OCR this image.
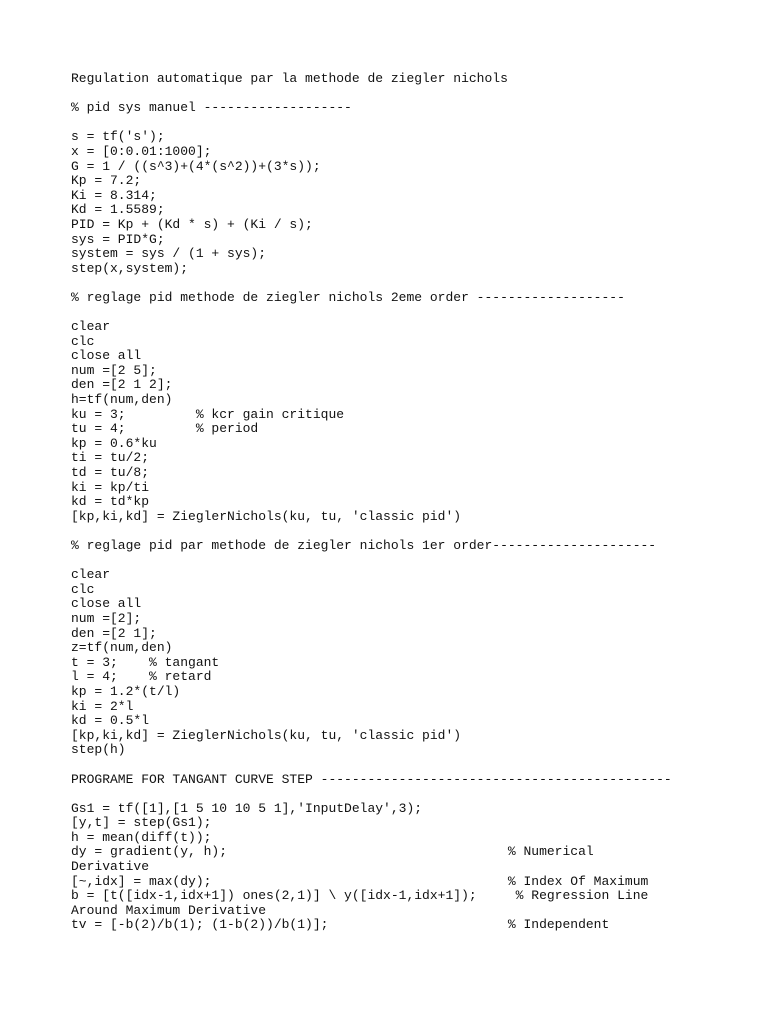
Regulation automatique par la methode de ziegler nichols
% pid sys manuel -------------------
s = tf('s');
x = [0:0.01:1000];
G = 1 / ((s^3)+(4*(s^2))+(3*s));
Kp = 7.2;
Ki = 8.314;
Kd = 1.5589;
PID = Kp + (Kd * s) + (Ki / s);
sys = PID*G;
system = sys / (1 + sys);
step(x,system);
% reglage pid methode de ziegler nichols 2eme order -------------------
clear
clc
close all
num =[2 5];
den =[2 1 2];
h=tf(num,den)
ku = 3;         % kcr gain critique
tu = 4;         % period
kp = 0.6*ku
ti = tu/2;
td = tu/8;
ki = kp/ti
kd = td*kp
[kp,ki,kd] = ZieglerNichols(ku, tu, 'classic pid')
% reglage pid par methode de ziegler nichols 1er order---------------------
clear
clc
close all
num =[2];
den =[2 1];
z=tf(num,den)
t = 3;    % tangant
l = 4;    % retard
kp = 1.2*(t/l)
ki = 2*l
kd = 0.5*l
[kp,ki,kd] = ZieglerNichols(ku, tu, 'classic pid')
step(h)
PROGRAME FOR TANGANT CURVE STEP ---------------------------------------------
Gs1 = tf([1],[1 5 10 10 5 1],'InputDelay',3);
[y,t] = step(Gs1);
h = mean(diff(t));
dy = gradient(y, h);                                    % Numerical
Derivative
[~,idx] = max(dy);                                      % Index Of Maximum
b = [t([idx-1,idx+1]) ones(2,1)] \ y([idx-1,idx+1]);     % Regression Line
Around Maximum Derivative
tv = [-b(2)/b(1); (1-b(2))/b(1)];                       % Independent
